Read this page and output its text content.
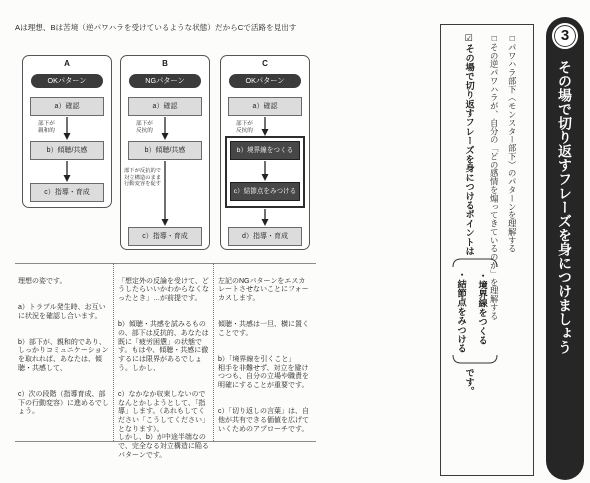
Aは理想、Bは苦境（逆パワハラを受けているような状態）だからCで活路を見出す
A
OKパターン
a）確認
部下が
親和的
b）傾聴/共感
c）指導・育成
B
NGパターン
a）確認
部下が
反抗的
b）傾聴/共感
部下が反抗的で
対立構造のまま
行動変容を促す
c）指導・育成
C
OKパターン
a）確認
部下が
反抗的
b）境界線をつくる
c）結節点をみつける
d）指導・育成

理想の姿です。

a）トラブル発生時、お互いに状況を確認し合います。

b）部下が、親和的であり、しっかりコミュニケーションを取れれば、あなたは、傾聴・共感して、

c）次の段階（指導育成、部下の行動変容）に進めるでしょう。

「想定外の反論を受けて、どうしたらいいかわからなくなったとき」…が前提です。

b）傾聴・共感を試みるものの、部下は反抗的、あなたは既に「疲労困憊」の状態です。もはや、傾聴・共感に徹するには限界があるでしょう。しかし、

c）なかなか収束しないのでなんとかしようとして、「指導」します。（あれもしてください「こうしてください」となります）。
しかし、b）が中途半端なので、完全なる対立構造に陥るパターンです。

左記のNGパターンをエスカレートさせないことにフォーカスします。

傾聴・共感は一旦、横に置くことです。

b）「境界線を引くこと」
相手を非難せず、対立を避けつつも、自分の立場や職責を明確にすることが重要です。

c）「切り返しの言葉」は、自他が共有できる価値を広げていくためのアプローチです。

□パワハラ部下（モンスター部下）のパターンを理解する
□その逆パワハラが、自分の「どの感情を煽ってきているのか」を理解する
☑その場で切り返すフレーズを身につけるポイントは
・境界線をつくる
・結節点をみつける
です。
3
その場で切り返すフレーズを身につけましょう
